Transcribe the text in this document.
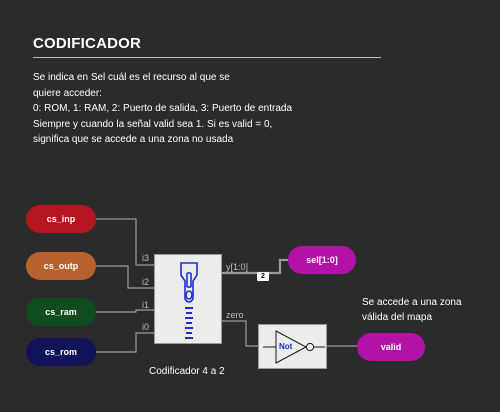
CODIFICADOR
Se indica en Sel cuál es el recurso al que se
quiere acceder:
0: ROM, 1: RAM, 2: Puerto de salida, 3: Puerto de entrada
Siempre y cuando la señal valid sea 1. Si es valid = 0,
significa que se accede a una zona no usada
cs_inp
cs_outp
cs_ram
cs_rom
i3
i2
i1
i0
y[1:0]
zero
2
Codificador 4 a 2
Not
sel[1:0]
valid
Se accede a una zona
válida del mapa
